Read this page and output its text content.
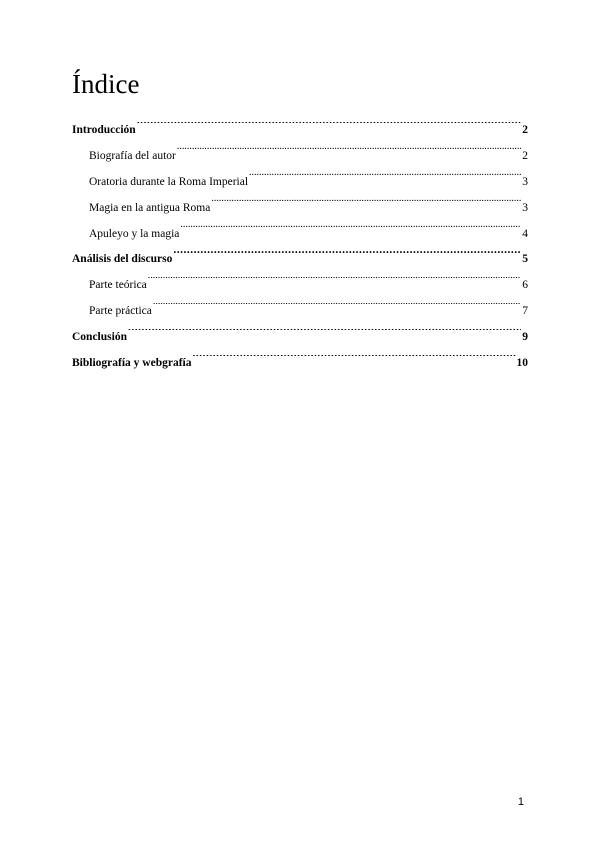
Índice
Introducción .....	2
Biografía del autor .....	2
Oratoria durante la Roma Imperial .....	3
Magia en la antigua Roma .....	3
Apuleyo y la magia .....	4
Análisis del discurso .....	5
Parte teórica .....	6
Parte práctica .....	7
Conclusión .....	9
Bibliografía y webgrafía .....	10
1
